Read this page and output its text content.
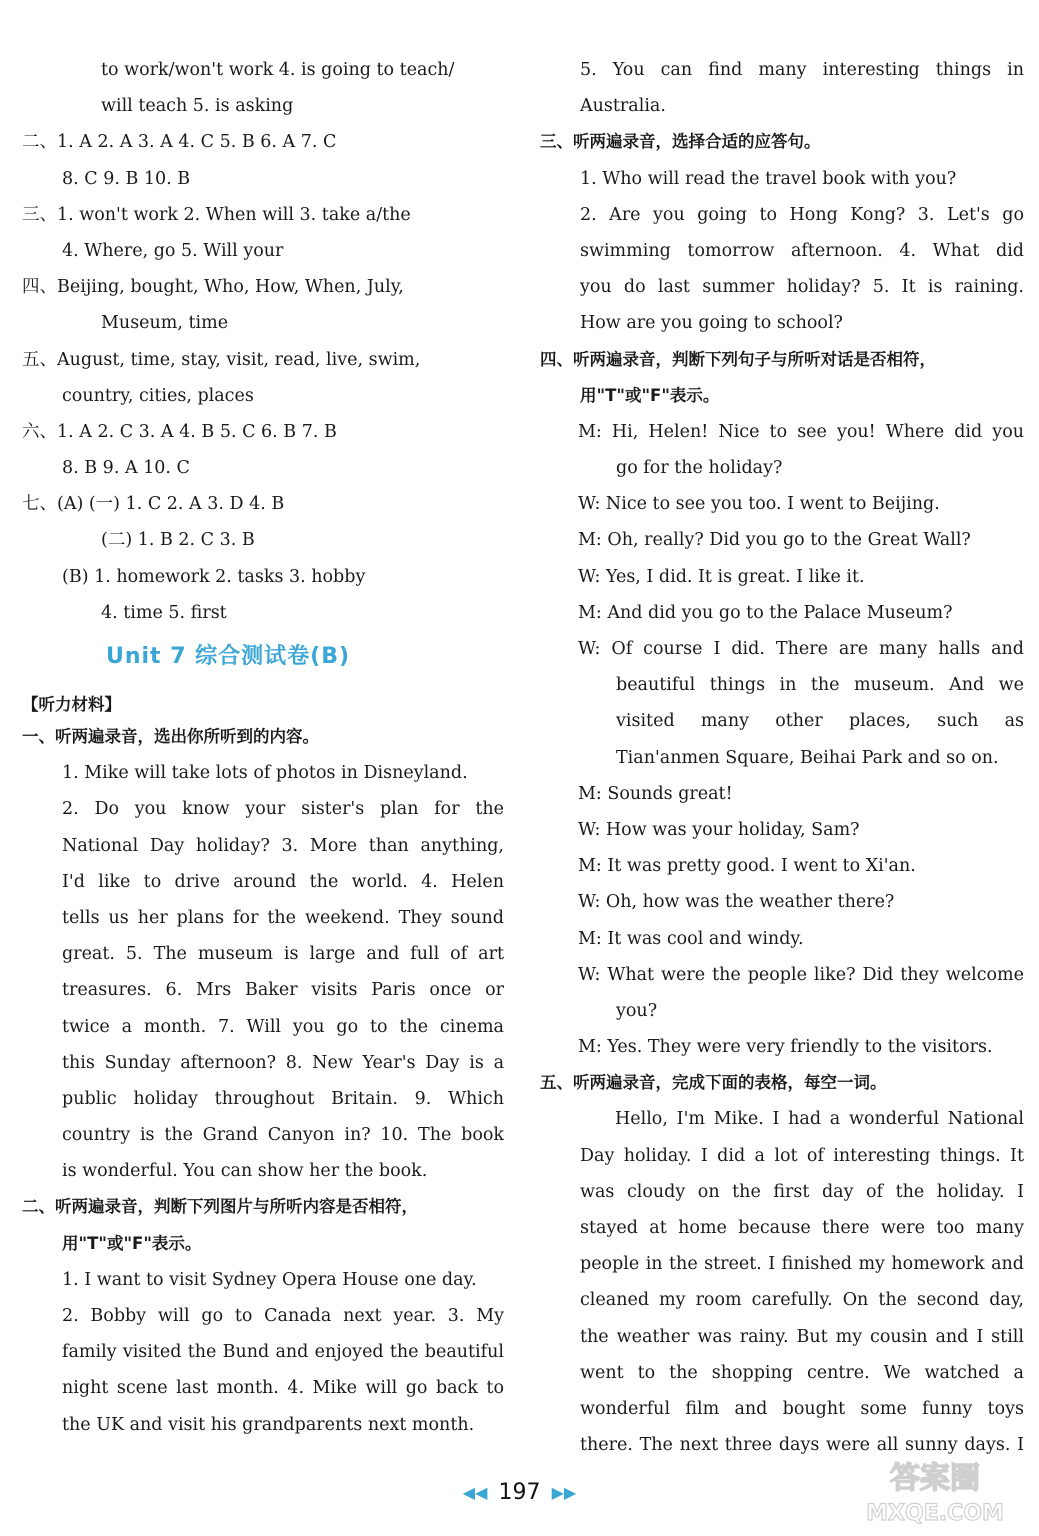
to work/won't work 4. is going to teach/
will teach 5. is asking
二、1. A 2. A 3. A 4. C 5. B 6. A 7. C
8. C 9. B 10. B
三、1. won't work 2. When will 3. take a/the
4. Where, go 5. Will your
四、Beijing, bought, Who, How, When, July,
Museum, time
五、August, time, stay, visit, read, live, swim,
country, cities, places
六、1. A 2. C 3. A 4. B 5. C 6. B 7. B
8. B 9. A 10. C
七、(A) (一) 1. C 2. A 3. D 4. B
(二) 1. B 2. C 3. B
(B) 1. homework 2. tasks 3. hobby
4. time 5. first
Unit 7 综合测试卷(B)
【听力材料】
一、听两遍录音，选出你所听到的内容。
1. Mike will take lots of photos in Disneyland.
2. Do you know your sister's plan for the
National Day holiday? 3. More than anything,
I'd like to drive around the world. 4. Helen
tells us her plans for the weekend. They sound
great. 5. The museum is large and full of art
treasures. 6. Mrs Baker visits Paris once or
twice a month. 7. Will you go to the cinema
this Sunday afternoon? 8. New Year's Day is a
public holiday throughout Britain. 9. Which
country is the Grand Canyon in? 10. The book
is wonderful. You can show her the book.
二、听两遍录音，判断下列图片与所听内容是否相符，
用"T"或"F"表示。
1. I want to visit Sydney Opera House one day.
2. Bobby will go to Canada next year. 3. My
family visited the Bund and enjoyed the beautiful
night scene last month. 4. Mike will go back to
the UK and visit his grandparents next month.
5. You can find many interesting things in
Australia.
三、听两遍录音，选择合适的应答句。
1. Who will read the travel book with you?
2. Are you going to Hong Kong? 3. Let's go
swimming tomorrow afternoon. 4. What did
you do last summer holiday? 5. It is raining.
How are you going to school?
四、听两遍录音，判断下列句子与所听对话是否相符，
用"T"或"F"表示。
M: Hi, Helen! Nice to see you! Where did you
go for the holiday?
W: Nice to see you too. I went to Beijing.
M: Oh, really? Did you go to the Great Wall?
W: Yes, I did. It is great. I like it.
M: And did you go to the Palace Museum?
W: Of course I did. There are many halls and
beautiful things in the museum. And we
visited many other places, such as
Tian'anmen Square, Beihai Park and so on.
M: Sounds great!
W: How was your holiday, Sam?
M: It was pretty good. I went to Xi'an.
W: Oh, how was the weather there?
M: It was cool and windy.
W: What were the people like? Did they welcome
you?
M: Yes. They were very friendly to the visitors.
五、听两遍录音，完成下面的表格，每空一词。
Hello, I'm Mike. I had a wonderful National
Day holiday. I did a lot of interesting things. It
was cloudy on the first day of the holiday. I
stayed at home because there were too many
people in the street. I finished my homework and
cleaned my room carefully. On the second day,
the weather was rainy. But my cousin and I still
went to the shopping centre. We watched a
wonderful film and bought some funny toys
there. The next three days were all sunny days. I
◀◀ 197 ▶▶	答案圈
MXQE.COM
